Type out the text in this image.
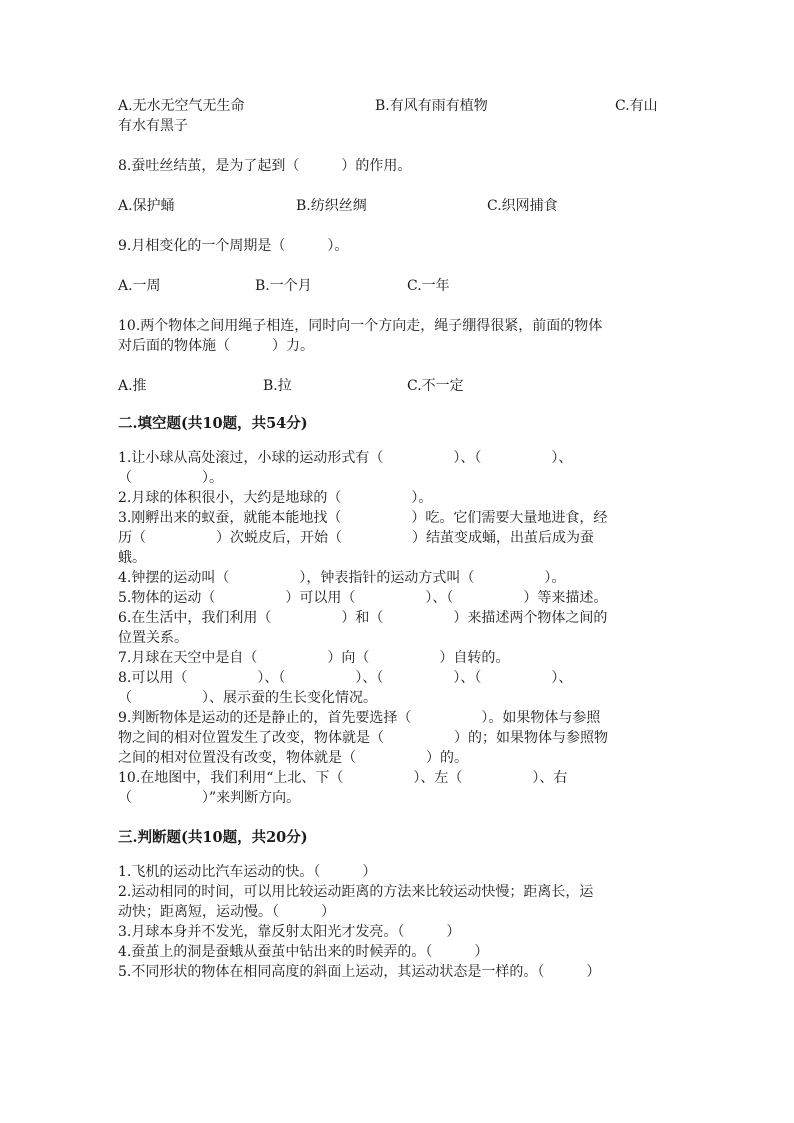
A.无水无空气无生命	B.有风有雨有植物	C.有山
有水有黑子
8.蚕吐丝结茧，是为了起到（　　　）的作用。
A.保护蛹	B.纺织丝绸	C.织网捕食
9.月相变化的一个周期是（　　　）。
A.一周	B.一个月	C.一年
10.两个物体之间用绳子相连，同时向一个方向走，绳子绷得很紧，前面的物体
对后面的物体施（　　　）力。
A.推	B.拉	C.不一定
二.填空题(共10题，共54分)
1.让小球从高处滚过，小球的运动形式有（　　　　　）、（　　　　　）、
（　　　　　）。
2.月球的体积很小，大约是地球的（　　　　　）。
3.刚孵出来的蚁蚕，就能本能地找（　　　　　）吃。它们需要大量地进食，经
历（　　　　　）次蜕皮后，开始（　　　　　）结茧变成蛹，出茧后成为蚕
蛾。
4.钟摆的运动叫（　　　　　），钟表指针的运动方式叫（　　　　　）。
5.物体的运动（　　　　　）可以用（　　　　　）、（　　　　　）等来描述。
6.在生活中，我们利用（　　　　　）和（　　　　　）来描述两个物体之间的
位置关系。
7.月球在天空中是自（　　　　　）向（　　　　　）自转的。
8.可以用（　　　　　）、（　　　　　）、（　　　　　）、（　　　　　）、
（　　　　　）、展示蚕的生长变化情况。
9.判断物体是运动的还是静止的，首先要选择（　　　　　）。如果物体与参照
物之间的相对位置发生了改变，物体就是（　　　　　）的；如果物体与参照物
之间的相对位置没有改变，物体就是（　　　　　）的。
10.在地图中，我们利用“上北、下（　　　　　）、左（　　　　　）、右
（　　　　　）”来判断方向。
三.判断题(共10题，共20分)
1.飞机的运动比汽车运动的快。（　　　）
2.运动相同的时间，可以用比较运动距离的方法来比较运动快慢；距离长，运
动快；距离短，运动慢。（　　　）
3.月球本身并不发光，靠反射太阳光才发亮。（　　　）
4.蚕茧上的洞是蚕蛾从蚕茧中钻出来的时候弄的。（　　　）
5.不同形状的物体在相同高度的斜面上运动，其运动状态是一样的。（　　　）
